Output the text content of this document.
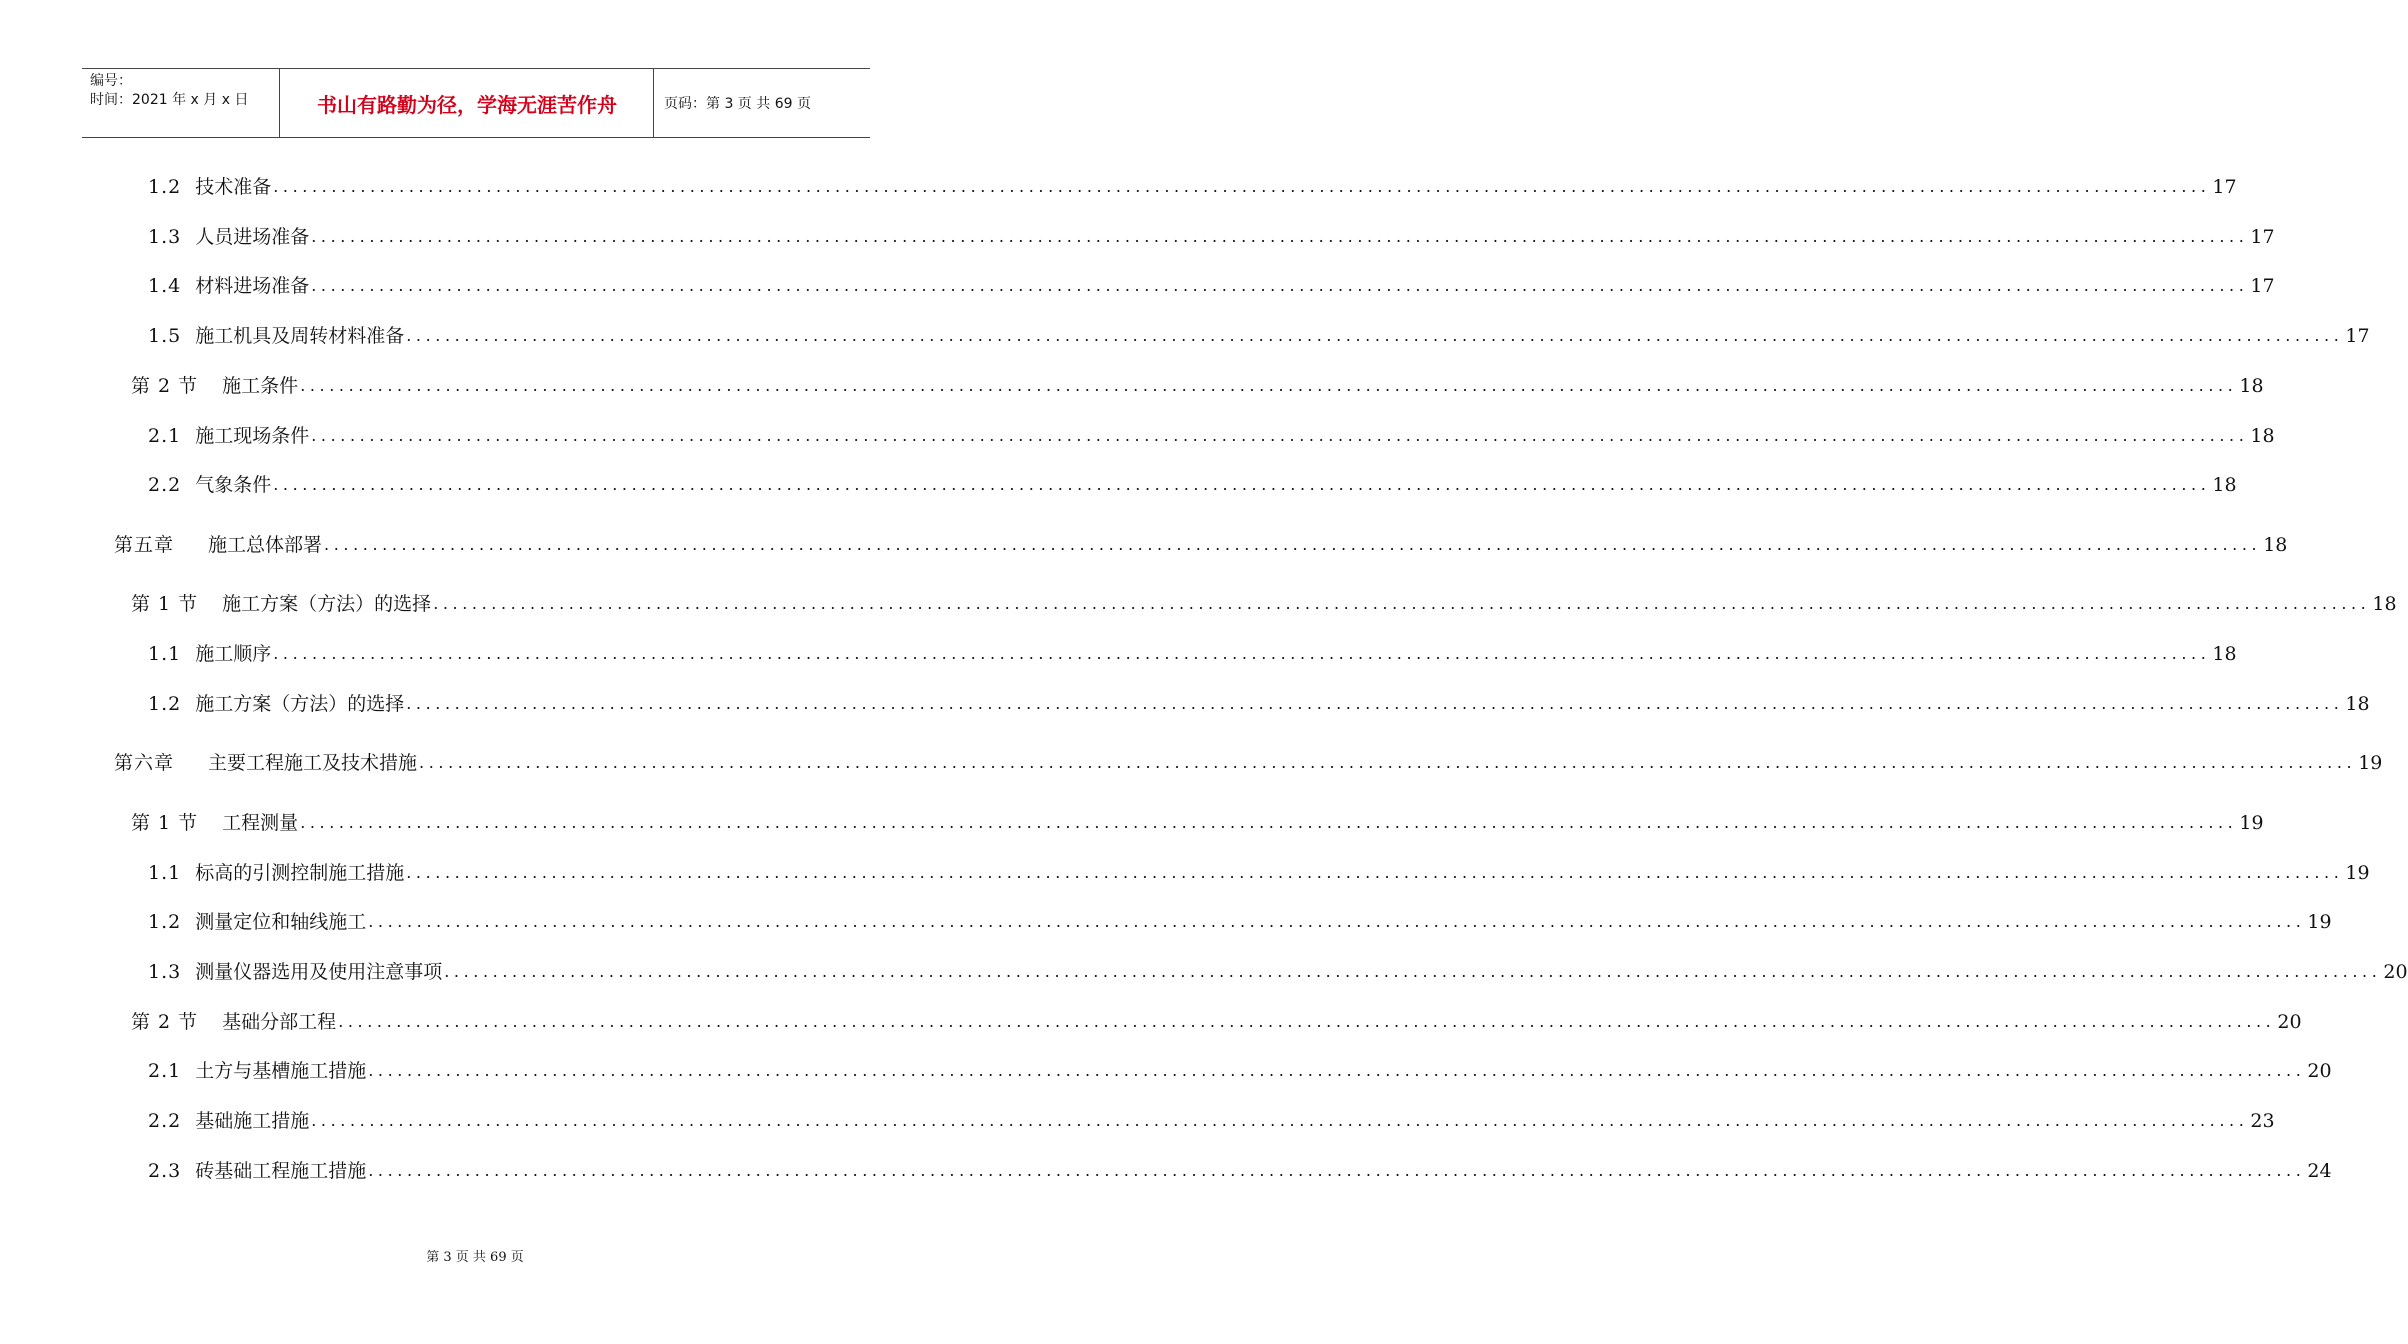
编号：
时间：2021 年 x 月 x 日	书山有路勤为径，学海无涯苦作舟	页码：第 3 页 共 69 页
1.2 技术准备 ........................................................................................................................................................................................................ 17
1.3 人员进场准备 ........................................................................................................................................................................................................ 17
1.4 材料进场准备 ........................................................................................................................................................................................................ 17
1.5 施工机具及周转材料准备 ........................................................................................................................................................................................................ 17
第 2 节 施工条件 ........................................................................................................................................................................................................ 18
2.1 施工现场条件 ........................................................................................................................................................................................................ 18
2.2 气象条件 ........................................................................................................................................................................................................ 18
第五章 施工总体部署 ........................................................................................................................................................................................................ 18
第 1 节 施工方案（方法）的选择 ........................................................................................................................................................................................................ 18
1.1 施工顺序 ........................................................................................................................................................................................................ 18
1.2 施工方案（方法）的选择 ........................................................................................................................................................................................................ 18
第六章 主要工程施工及技术措施 ........................................................................................................................................................................................................ 19
第 1 节 工程测量 ........................................................................................................................................................................................................ 19
1.1 标高的引测控制施工措施 ........................................................................................................................................................................................................ 19
1.2 测量定位和轴线施工 ........................................................................................................................................................................................................ 19
1.3 测量仪器选用及使用注意事项 ........................................................................................................................................................................................................ 20
第 2 节 基础分部工程 ........................................................................................................................................................................................................ 20
2.1 土方与基槽施工措施 ........................................................................................................................................................................................................ 20
2.2 基础施工措施 ........................................................................................................................................................................................................ 23
2.3 砖基础工程施工措施 ........................................................................................................................................................................................................ 24
第 3 页 共 69 页
